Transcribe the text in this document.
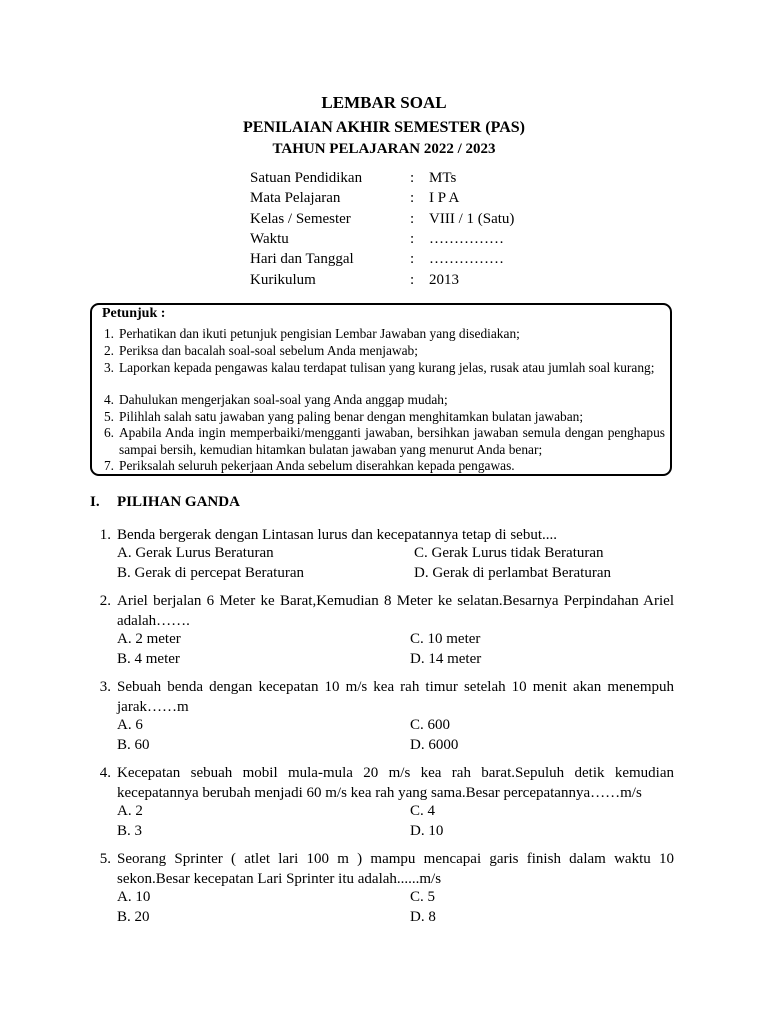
LEMBAR SOAL
PENILAIAN AKHIR SEMESTER (PAS)
TAHUN PELAJARAN 2022 / 2023
Satuan Pendidikan	: MTs
Mata Pelajaran	: I P A
Kelas / Semester	: VIII / 1 (Satu)
Waktu	: ……………
Hari dan Tanggal	: ……………
Kurikulum	: 2013
Petunjuk :
1. Perhatikan dan ikuti petunjuk pengisian Lembar Jawaban yang disediakan;
2. Periksa dan bacalah soal-soal sebelum Anda menjawab;
3. Laporkan kepada pengawas kalau terdapat tulisan yang kurang jelas, rusak atau jumlah soal kurang;
4. Dahulukan mengerjakan soal-soal yang Anda anggap mudah;
5. Pilihlah salah satu jawaban yang paling benar dengan menghitamkan bulatan jawaban;
6. Apabila Anda ingin memperbaiki/mengganti jawaban, bersihkan jawaban semula dengan penghapus sampai bersih, kemudian hitamkan bulatan jawaban yang menurut Anda benar;
7. Periksalah seluruh pekerjaan Anda sebelum diserahkan kepada pengawas.
I. PILIHAN GANDA
1. Benda bergerak dengan Lintasan lurus dan kecepatannya tetap di sebut....
A. Gerak Lurus Beraturan	C. Gerak Lurus tidak Beraturan
B. Gerak di percepat Beraturan	D. Gerak di perlambat Beraturan
2. Ariel berjalan 6 Meter ke Barat,Kemudian 8 Meter ke selatan.Besarnya Perpindahan Ariel adalah…….
A. 2 meter	C. 10 meter
B. 4 meter	D. 14 meter
3. Sebuah benda dengan kecepatan 10 m/s kea rah timur setelah 10 menit akan menempuh jarak……m
A. 6	C. 600
B. 60	D. 6000
4. Kecepatan sebuah mobil mula-mula 20 m/s kea rah barat.Sepuluh detik kemudian kecepatannya berubah menjadi 60 m/s kea rah yang sama.Besar percepatannya……m/s
A. 2	C. 4
B. 3	D. 10
5. Seorang Sprinter ( atlet lari 100 m ) mampu mencapai garis finish dalam waktu 10 sekon.Besar kecepatan Lari Sprinter itu adalah......m/s
A. 10	C. 5
B. 20	D. 8
